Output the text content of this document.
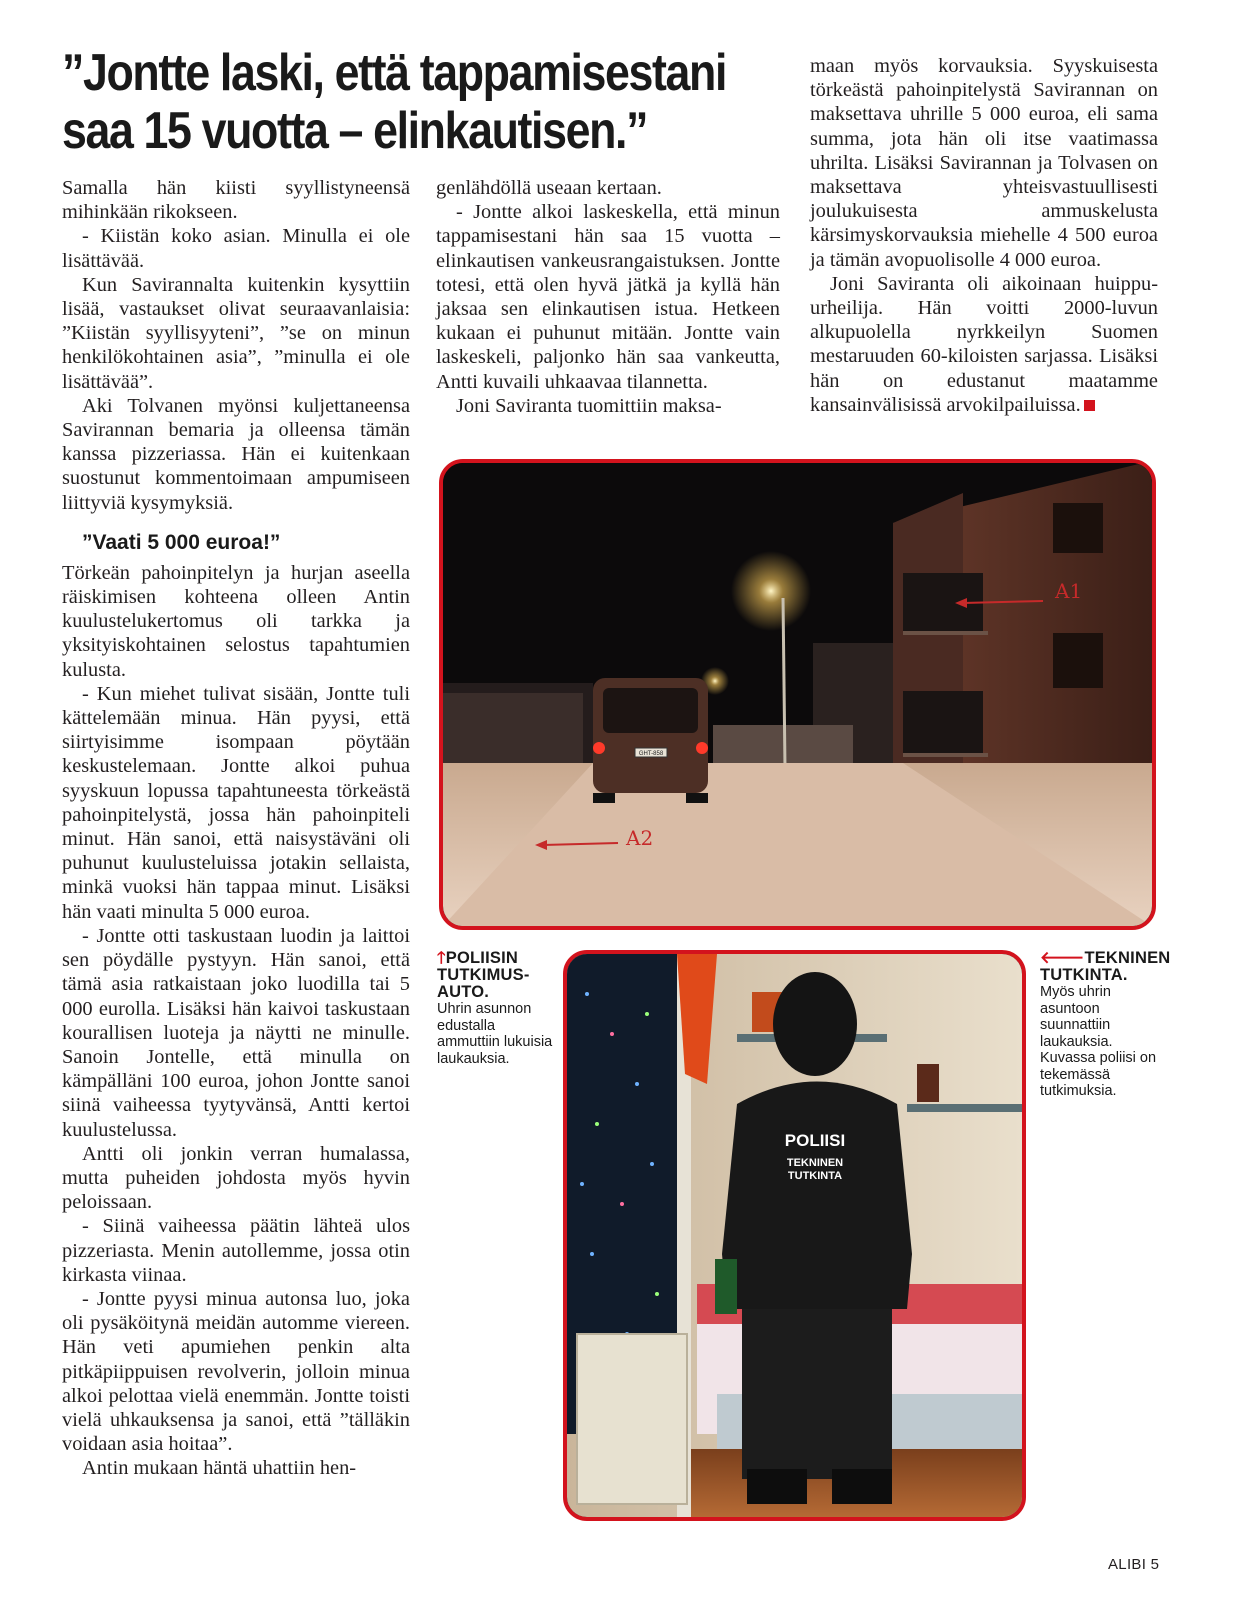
”Jontte laski, että tappamisestani
saa 15 vuotta – elinkautisen.”

Samalla hän kiisti syyllistyneensä mihinkään rikokseen.

- Kiistän koko asian. Minulla ei ole lisättävää.

Kun Savirannalta kuitenkin kysyttiin lisää, vastaukset olivat seuraavanlaisia: ”Kiistän syyllisyyteni”, ”se on minun henkilökohtainen asia”, ”minulla ei ole lisättävää”.

Aki Tolvanen myönsi kuljettaneensa Savirannan bemaria ja olleensa tämän kanssa pizzeriassa. Hän ei kuitenkaan suostunut kommentoimaan ampumiseen liittyviä kysymyksiä.

”Vaati 5 000 euroa!”

Törkeän pahoinpitelyn ja hurjan aseella räiskimisen kohteena olleen Antin kuulustelukertomus oli tarkka ja yksityiskohtainen selostus tapahtumien kulusta.

- Kun miehet tulivat sisään, Jontte tuli kättelemään minua. Hän pyysi, että siirtyisimme isompaan pöytään keskustelemaan. Jontte alkoi puhua syyskuun lopussa tapahtuneesta törkeästä pahoinpitelystä, jossa hän pahoinpiteli minut. Hän sanoi, että naisystäväni oli puhunut kuulusteluissa jotakin sellaista, minkä vuoksi hän tappaa minut. Lisäksi hän vaati minulta 5 000 euroa.

- Jontte otti taskustaan luodin ja laittoi sen pöydälle pystyyn. Hän sanoi, että tämä asia ratkaistaan joko luodilla tai 5 000 eurolla. Lisäksi hän kaivoi taskustaan kourallisen luoteja ja näytti ne minulle. Sanoin Jontelle, että minulla on kämpälläni 100 euroa, johon Jontte sanoi siinä vaiheessa tyytyvänsä, Antti kertoi kuulustelussa.

Antti oli jonkin verran humalassa, mutta puheiden johdosta myös hyvin peloissaan.

- Siinä vaiheessa päätin lähteä ulos pizzeriasta. Menin autollemme, jossa otin kirkasta viinaa.

- Jontte pyysi minua autonsa luo, joka oli pysäköitynä meidän automme viereen. Hän veti apumiehen penkin alta pitkäpiippuisen revolverin, jolloin minua alkoi pelottaa vielä enemmän. Jontte toisti vielä uhkauksensa ja sanoi, että ”tälläkin voidaan asia hoitaa”.

Antin mukaan häntä uhattiin hen-

genlähdöllä useaan kertaan.

- Jontte alkoi laskeskella, että minun tappamisestani hän saa 15 vuotta – elinkautisen vankeusrangaistuksen. Jontte totesi, että olen hyvä jätkä ja kyllä hän jaksaa sen elinkautisen istua. Hetkeen kukaan ei puhunut mitään. Jontte vain laskeskeli, paljonko hän saa vankeutta, Antti kuvaili uhkaavaa tilannetta.

Joni Saviranta tuomittiin maksa-

maan myös korvauksia. Syyskuisesta törkeästä pahoinpitelystä Savirannan on maksettava uhrille 5 000 euroa, eli sama summa, jota hän oli itse vaatimassa uhrilta. Lisäksi Savirannan ja Tolvasen on maksettava yhteisvastuullisesti joulukuisesta ammuskelusta kärsimyskorvauksia miehelle 4 500 euroa ja tämän avopuolisolle 4 000 euroa.

Joni Saviranta oli aikoinaan huippu-urheilija. Hän voitti 2000-luvun alkupuolella nyrkkeilyn Suomen mestaruuden 60-kiloisten sarjassa. Lisäksi hän on edustanut maatamme kansainvälisissä arvokilpailuissa.

GHT-858
A1
A2
POLIISI
TEKNINEN
TUTKINTA
🡑POLIISIN TUTKIMUS-AUTO.
Uhrin asunnon edustalla ammuttiin lukuisia laukauksia.
🡐TEKNINEN TUTKINTA.
Myös uhrin asuntoon suunnattiin laukauksia. Kuvassa poliisi on tekemässä tutkimuksia.
ALIBI 5
